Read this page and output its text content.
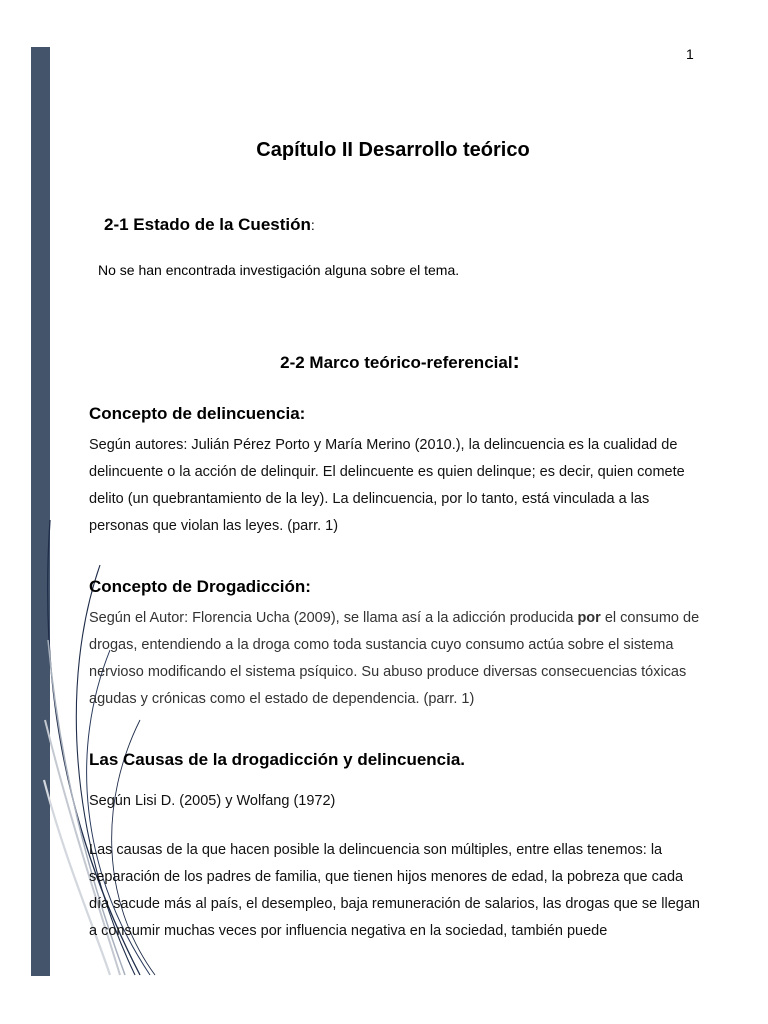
1
Capítulo II Desarrollo teórico
2-1 Estado de la Cuestión:
No se han encontrada investigación alguna sobre el tema.
2-2 Marco teórico-referencial:
Concepto de delincuencia:
Según autores: Julián Pérez Porto y María Merino (2010.), la delincuencia es la cualidad de delincuente o la acción de delinquir. El delincuente es quien delinque; es decir, quien comete delito (un quebrantamiento de la ley). La delincuencia, por lo tanto, está vinculada a las personas que violan las leyes. (parr. 1)
Concepto de Drogadicción:
Según el Autor: Florencia Ucha (2009), se llama así a la adicción producida por el consumo de drogas, entendiendo a la droga como toda sustancia cuyo consumo actúa sobre el sistema nervioso modificando el sistema psíquico. Su abuso produce diversas consecuencias tóxicas agudas y crónicas como el estado de dependencia. (parr. 1)
Las Causas de la drogadicción y delincuencia.
Según Lisi D. (2005) y Wolfang (1972)
Las causas de la que hacen posible la delincuencia son múltiples, entre ellas tenemos: la separación de los padres de familia, que tienen hijos menores de edad, la pobreza que cada día sacude más al país, el desempleo, baja remuneración de salarios, las drogas que se llegan a consumir muchas veces por influencia negativa en la sociedad, también puede
